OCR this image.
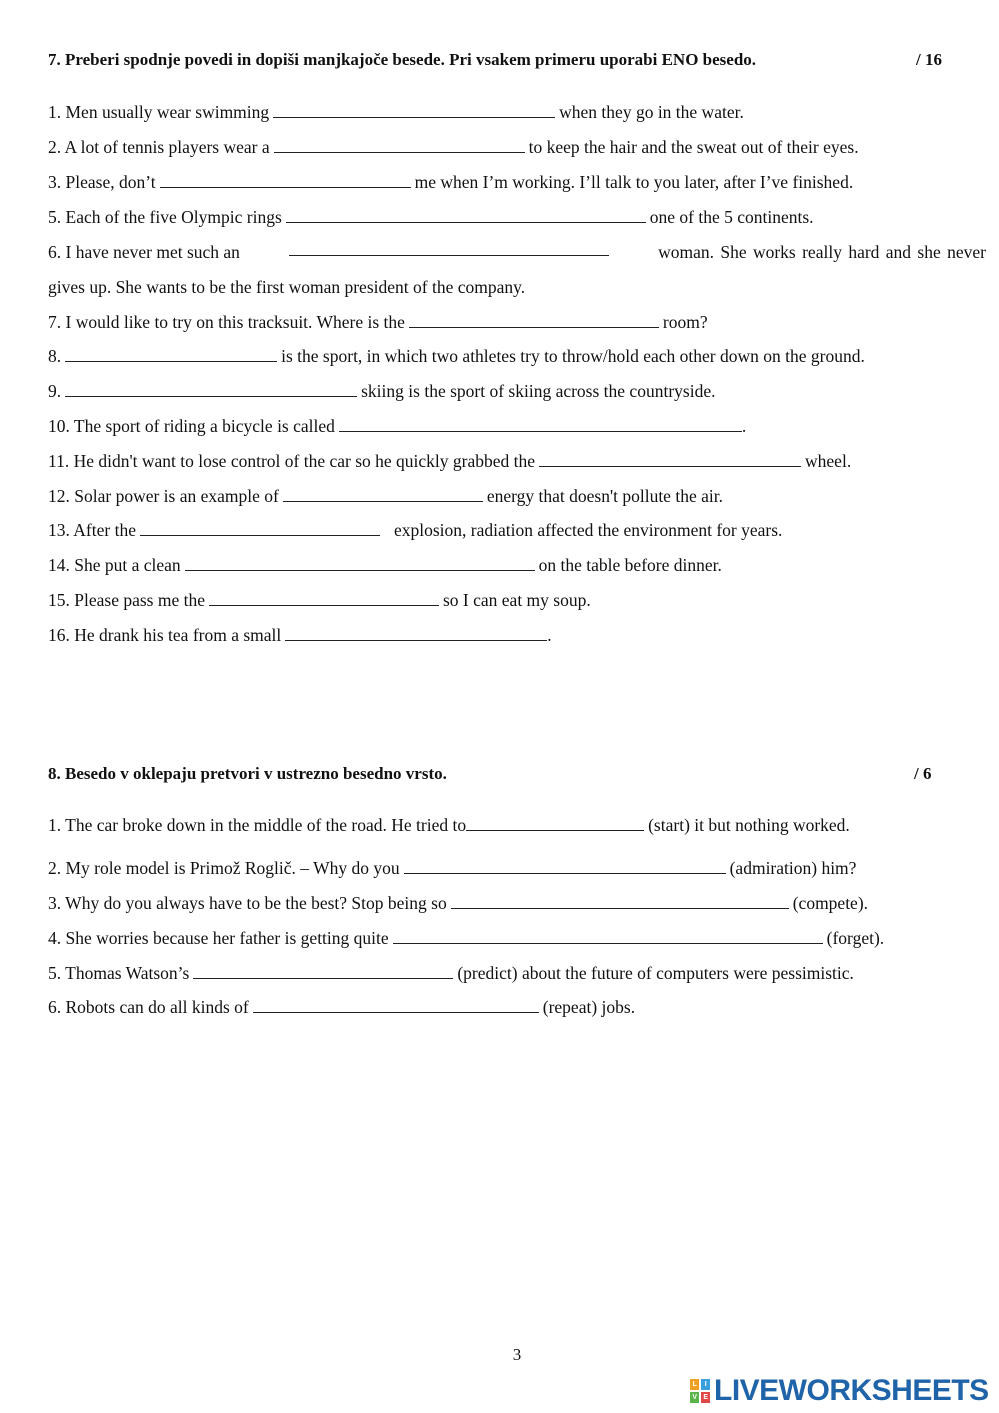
7. Preberi spodnje povedi in dopiši manjkajoče besede. Pri vsakem primeru uporabi ENO besedo.	/ 16
1. Men usually wear swimming	when they go in the water.
2. A lot of tennis players wear a	to keep the hair and the sweat out of their eyes.
3. Please, don’t	me when I’m working. I’ll talk to you later, after I’ve finished.
5. Each of the five Olympic rings	one of the 5 continents.
6. I have never met such an	woman. She works really hard and she never
gives up. She wants to be the first woman president of the company.
7. I would like to try on this tracksuit. Where is the	room?
8.	is the sport, in which two athletes try to throw/hold each other down on the ground.
9.	skiing is the sport of skiing across the countryside.
10. The sport of riding a bicycle is called	.
11. He didn't want to lose control of the car so he quickly grabbed the	wheel.
12. Solar power is an example of	energy that doesn't pollute the air.
13. After the	explosion, radiation affected the environment for years.
14. She put a clean	on the table before dinner.
15. Please pass me the	so I can eat my soup.
16. He drank his tea from a small	.
8. Besedo v oklepaju pretvori v ustrezno besedno vrsto.	/ 6
1. The car broke down in the middle of the road. He tried to	(start) it but nothing worked.
2. My role model is Primož Roglič. – Why do you	(admiration) him?
3. Why do you always have to be the best? Stop being so	(compete).
4. She worries because her father is getting quite	(forget).
5. Thomas Watson’s	(predict) about the future of computers were pessimistic.
6. Robots can do all kinds of	(repeat) jobs.
3
L	I
V E LIVEWORKSHEETS
